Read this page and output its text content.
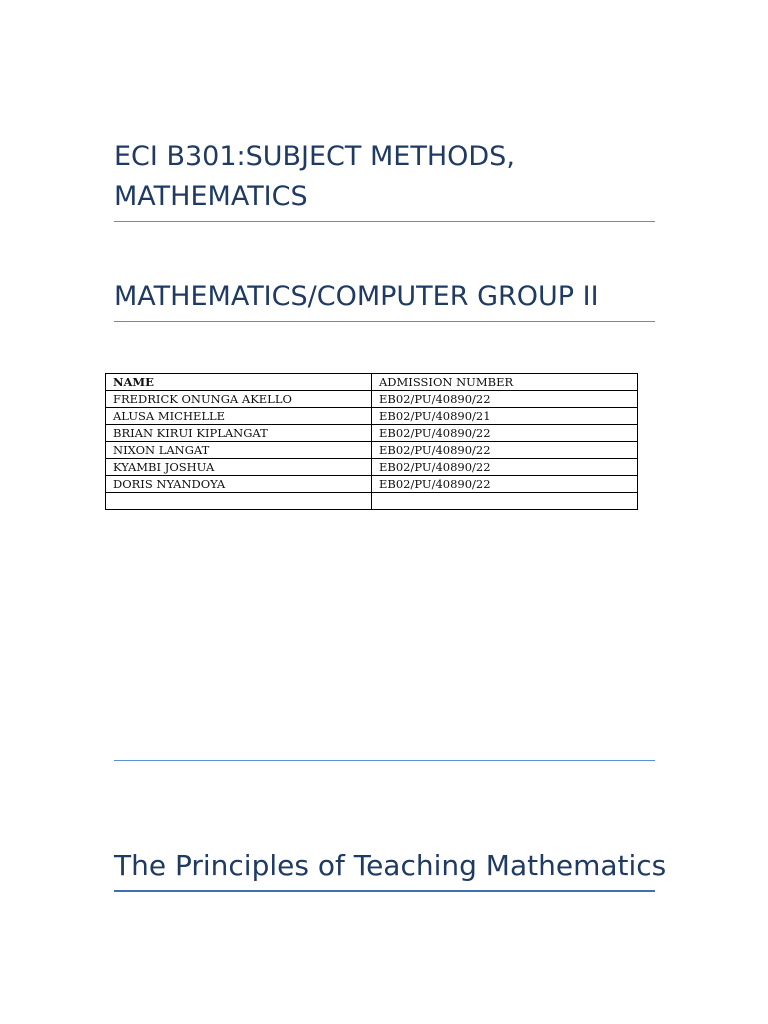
ECI B301:SUBJECT METHODS, MATHEMATICS
MATHEMATICS/COMPUTER GROUP II
NAME	ADMISSION NUMBER
FREDRICK ONUNGA AKELLO	EB02/PU/40890/22
ALUSA MICHELLE	EB02/PU/40890/21
BRIAN KIRUI KIPLANGAT	EB02/PU/40890/22
NIXON LANGAT	EB02/PU/40890/22
KYAMBI JOSHUA	EB02/PU/40890/22
DORIS NYANDOYA	EB02/PU/40890/22

The Principles of Teaching Mathematics
